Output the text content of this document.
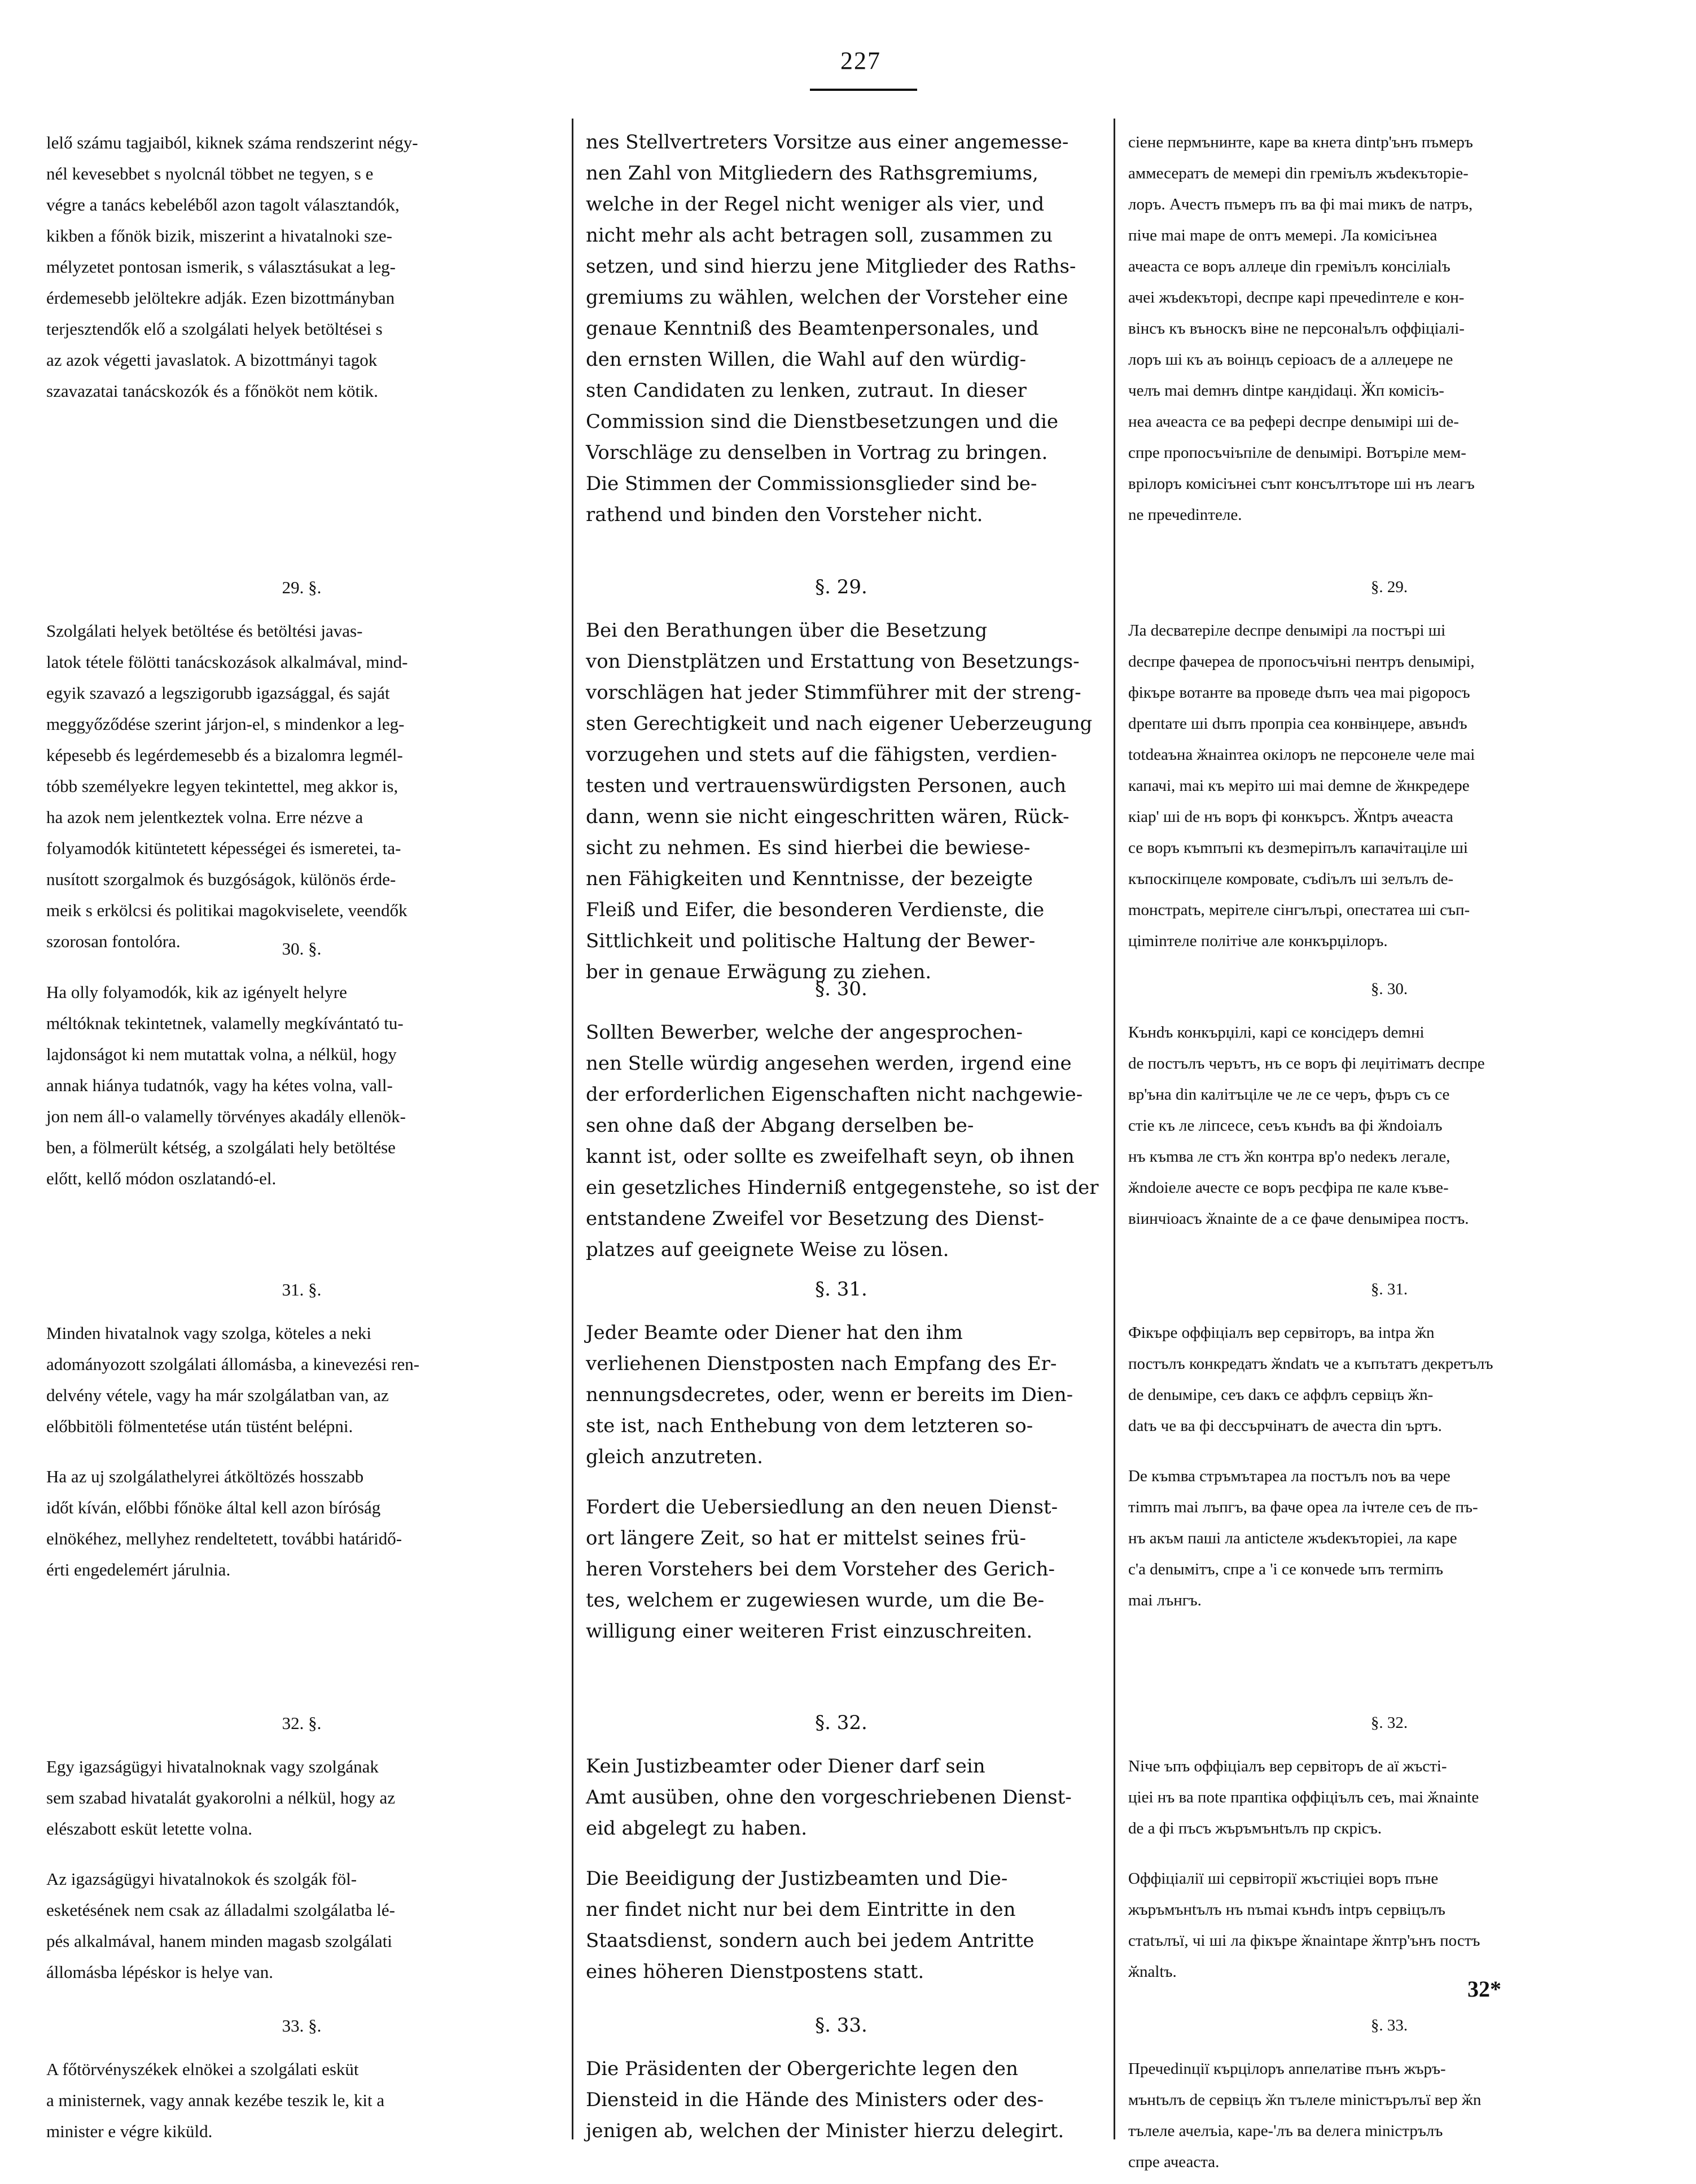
227
lelő számu tagjaiból, kiknek száma rendszerint négy-
nél kevesebbet s nyolcnál többet ne tegyen, s e
végre a tanács kebeléből azon tagolt választandók,
kikben a főnök bizik, miszerint a hivatalnoki sze-
mélyzetet pontosan ismerik, s választásukat a leg-
érdemesebb jelöltekre adják. Ezen bizottmányban
terjesztendők elő a szolgálati helyek betöltései s
az azok végetti javaslatok. A bizottmányi tagok
szavazatai tanácskozók és a főnököt nem kötik.
29. §.
Szolgálati helyek betöltése és betöltési javas-
latok tétele fölötti tanácskozások alkalmával, mind-
egyik szavazó a legszigorubb igazsággal, és saját
meggyőződése szerint járjon-el, s mindenkor a leg-
képesebb és legérdemesebb és a bizalomra legmél-
tóbb személyekre legyen tekintettel, meg akkor is,
ha azok nem jelentkeztek volna. Erre nézve a
folyamodók kitüntetett képességei és ismeretei, ta-
nusított szorgalmok és buzgóságok, különös érde-
meik s erkölcsi és politikai magokviselete, veendők
szorosan fontolóra.	30. §.
Ha olly folyamodók, kik az igényelt helyre
méltóknak tekintetnek, valamelly megkívántató tu-
lajdonságot ki nem mutattak volna, a nélkül, hogy
annak hiánya tudatnók, vagy ha kétes volna, vall-
jon nem áll-o valamelly törvényes akadály ellenök-
ben, a fölmerült kétség, a szolgálati hely betöltése
előtt, kellő módon oszlatandó-el.
31. §.
Minden hivatalnok vagy szolga, köteles a neki
adományozott szolgálati állomásba, a kinevezési ren-
delvény vétele, vagy ha már szolgálatban van, az
előbbitöli fölmentetése után tüstént belépni.
Ha az uj szolgálathelyrei átköltözés hosszabb
időt kíván, előbbi főnöke által kell azon bíróság
elnökéhez, mellyhez rendeltetett, további határidő-
érti engedelemért járulnia.
32. §.
Egy igazságügyi hivatalnoknak vagy szolgának
sem szabad hivatalát gyakorolni a nélkül, hogy az
elészabott esküt letette volna.
Az igazságügyi hivatalnokok és szolgák föl-
esketésének nem csak az álladalmi szolgálatba lé-
pés alkalmával, hanem minden magasb szolgálati
állomásba lépéskor is helye van.
33. §.
A főtörvényszékek elnökei a szolgálati esküt
a ministernek, vagy annak kezébe teszik le, kit a
minister e végre kiküld.
nes Stellvertreters Vorsitze aus einer angemesse-
nen Zahl von Mitgliedern des Rathsgremiums,
welche in der Regel nicht weniger als vier, und
nicht mehr als acht betragen soll, zusammen zu
setzen, und sind hierzu jene Mitglieder des Raths-
gremiums zu wählen, welchen der Vorsteher eine
genaue Kenntniß des Beamtenpersonales, und
den ernsten Willen, die Wahl auf den würdig-
sten Candidaten zu lenken, zutraut. In dieser
Commission sind die Dienstbesetzungen und die
Vorschläge zu denselben in Vortrag zu bringen.
Die Stimmen der Commissionsglieder sind be-
rathend und binden den Vorsteher nicht.
§. 29.
Bei den Berathungen über die Besetzung
von Dienstplätzen und Erstattung von Besetzungs-
vorschlägen hat jeder Stimmführer mit der streng-
sten Gerechtigkeit und nach eigener Ueberzeugung
vorzugehen und stets auf die fähigsten, verdien-
testen und vertrauenswürdigsten Personen, auch
dann, wenn sie nicht eingeschritten wären, Rück-
sicht zu nehmen. Es sind hierbei die bewiese-
nen Fähigkeiten und Kenntnisse, der bezeigte
Fleiß und Eifer, die besonderen Verdienste, die
Sittlichkeit und politische Haltung der Bewer-
ber in genaue Erwägung zu ziehen.
§. 30.
Sollten Bewerber, welche der angesprochen-
nen Stelle würdig angesehen werden, irgend eine
der erforderlichen Eigenschaften nicht nachgewie-
sen ohne daß der Abgang derselben be-
kannt ist, oder sollte es zweifelhaft seyn, ob ihnen
ein gesetzliches Hinderniß entgegenstehe, so ist der
entstandene Zweifel vor Besetzung des Dienst-
platzes auf geeignete Weise zu lösen.
§. 31.
Jeder Beamte oder Diener hat den ihm
verliehenen Dienstposten nach Empfang des Er-
nennungsdecretes, oder, wenn er bereits im Dien-
ste ist, nach Enthebung von dem letzteren so-
gleich anzutreten.
Fordert die Uebersiedlung an den neuen Dienst-
ort längere Zeit, so hat er mittelst seines frü-
heren Vorstehers bei dem Vorsteher des Gerich-
tes, welchem er zugewiesen wurde, um die Be-
willigung einer weiteren Frist einzuschreiten.
§. 32.
Kein Justizbeamter oder Diener darf sein
Amt ausüben, ohne den vorgeschriebenen Dienst-
eid abgelegt zu haben.
Die Beeidigung der Justizbeamten und Die-
ner findet nicht nur bei dem Eintritte in den
Staatsdienst, sondern auch bei jedem Antritte
eines höheren Dienstpostens statt.
§. 33.
Die Präsidenten der Obergerichte legen den
Diensteid in die Hände des Ministers oder des-
jenigen ab, welchen der Minister hierzu delegirt.
сiене пермънинте, каре ва кнета dintр'ънъ пъмеръ
аммесератъ de мемерi din гремiълъ жъdекътopie-
лоръ. Ачестъ пъмеръ пъ ва фi mai mикъ de naтpъ,
пiче mai mape de onтъ мемерi. Ла комiciънеа
ачеаста се воръ аллеџе din гремiълъ консiлiаlъ
ачеi жъdекъторi, decпре карi пречеdinтеле е кон-
вiнсъ къ въноскъ віне ne персонаlълъ оффiцiалi-
лоръ шi къ аъ воiнцъ серiоасъ de a аллеџере ne
челъ mai demнъ dintpe кандidaцi. Ӂп комiсiъ-
неа ачеаста се ва рефері decпре denымipi шi de-
спре пропосъчiъпiле de denымipi. Вотърiле мем-
врiлоръ комiciънеi съnт консълтъторе шi нъ леагъ
ne пречеdinтеле.
§. 29.
Ла deсватеріле decпре denымipi ла постърi шi
decпре фачереа de пропосъчiънi пентръ denымipi,
фiкъpе вотанте ва проведе dъпъ чеа mai рigopocъ
dpeпtaтe шi dъпъ пропрiа cea конвiнџере, авънdъ
totdeaъна ӂнаinтеа окiлоръ ne персонеле челе mai
капачi, mai къ мерiто шi mai demne de ӂнкредере
кiар' шi de нъ воръ фi конкърсъ. Ӂntpъ ачеаста
се воръ къmпъпi къ deзmерiпълъ капачiтацiле шi
къпоскiпцеле комpоваtе, cъdiълъ шi зелълъ de-
moнстpаtъ, мерiтеле сiнгълърi, опестатеа шi съп-
цiminтеле полiтiче але конкърџiлоръ.
§. 30.
Кънdъ конкърџiлi, карi се конciдеръ demнi
de постълъ черътъ, нъ се воръ фi леџiтiматъ decпре
вр'ъна din калiтъцiле че ле се черъ, фъръ съ се
cтiе къ ле лiпсесе, сеъъ кънdъ ва фi ӂndoiалъ
нъ къmва ле стъ ӂn контра вр'о nеdекъ легале,
ӂndoiеле ачесте се воръ ресфiра пе кале къве-
вiинчiоасъ ӂnaintе de a се фаче denымipеа постъ.
§. 31.
Фiкъре оффiцiалъ вер сервiторъ, ва intpа ӂn
постълъ конкредатъ ӂndatъ че а къпътатъ декретълъ
de denымipe, сеъ dакъ се аффлъ сервiцъ ӂn-
datъ че ва фi deссърчiнатъ de ачеста din ъртъ.
De къmва стръмътареа ла постълъ noъ ва чере
тimпъ mai лъпгъ, ва фаче ореа ла iчтеле сеъ dе пъ-
нъ акъм пашi ла anticteлe жъdекътopiеi, ла каре
c'а denымiтъ, спре а 'i се коnчеdе ъпъ тermiпъ
mai лънгъ.
§. 32.
Niчe ъпъ оффiцiалъ вер сервiторъ de aї жъстi-
цiеi нъ ва поtе прапtiка оффiцiълъ ceъ, mai ӂnaintе
de a фi пъсъ жъръмънtълъ пр скрiсъ.
Оффiцiалiї шi сервiторiї жъстiцiеi воръ пъне
жъръмънtълъ нъ nъmai кънdъ intpъ сервiцълъ
стаtълъї, чi шi ла фiкъре ӂnaintаре ӂnтр'ънъ постъ
ӂnаltъ.
§. 33.
Пречеdinцiї кърцiлоръ anпелатiве пънъ жъръ-
мънtълъ de сервiцъ ӂn тълеле miniстърълъї вер ӂn
тълеле ачелъiа, каре-'лъ ва dелега miniстрълъ
спре ачеаста.
32*
